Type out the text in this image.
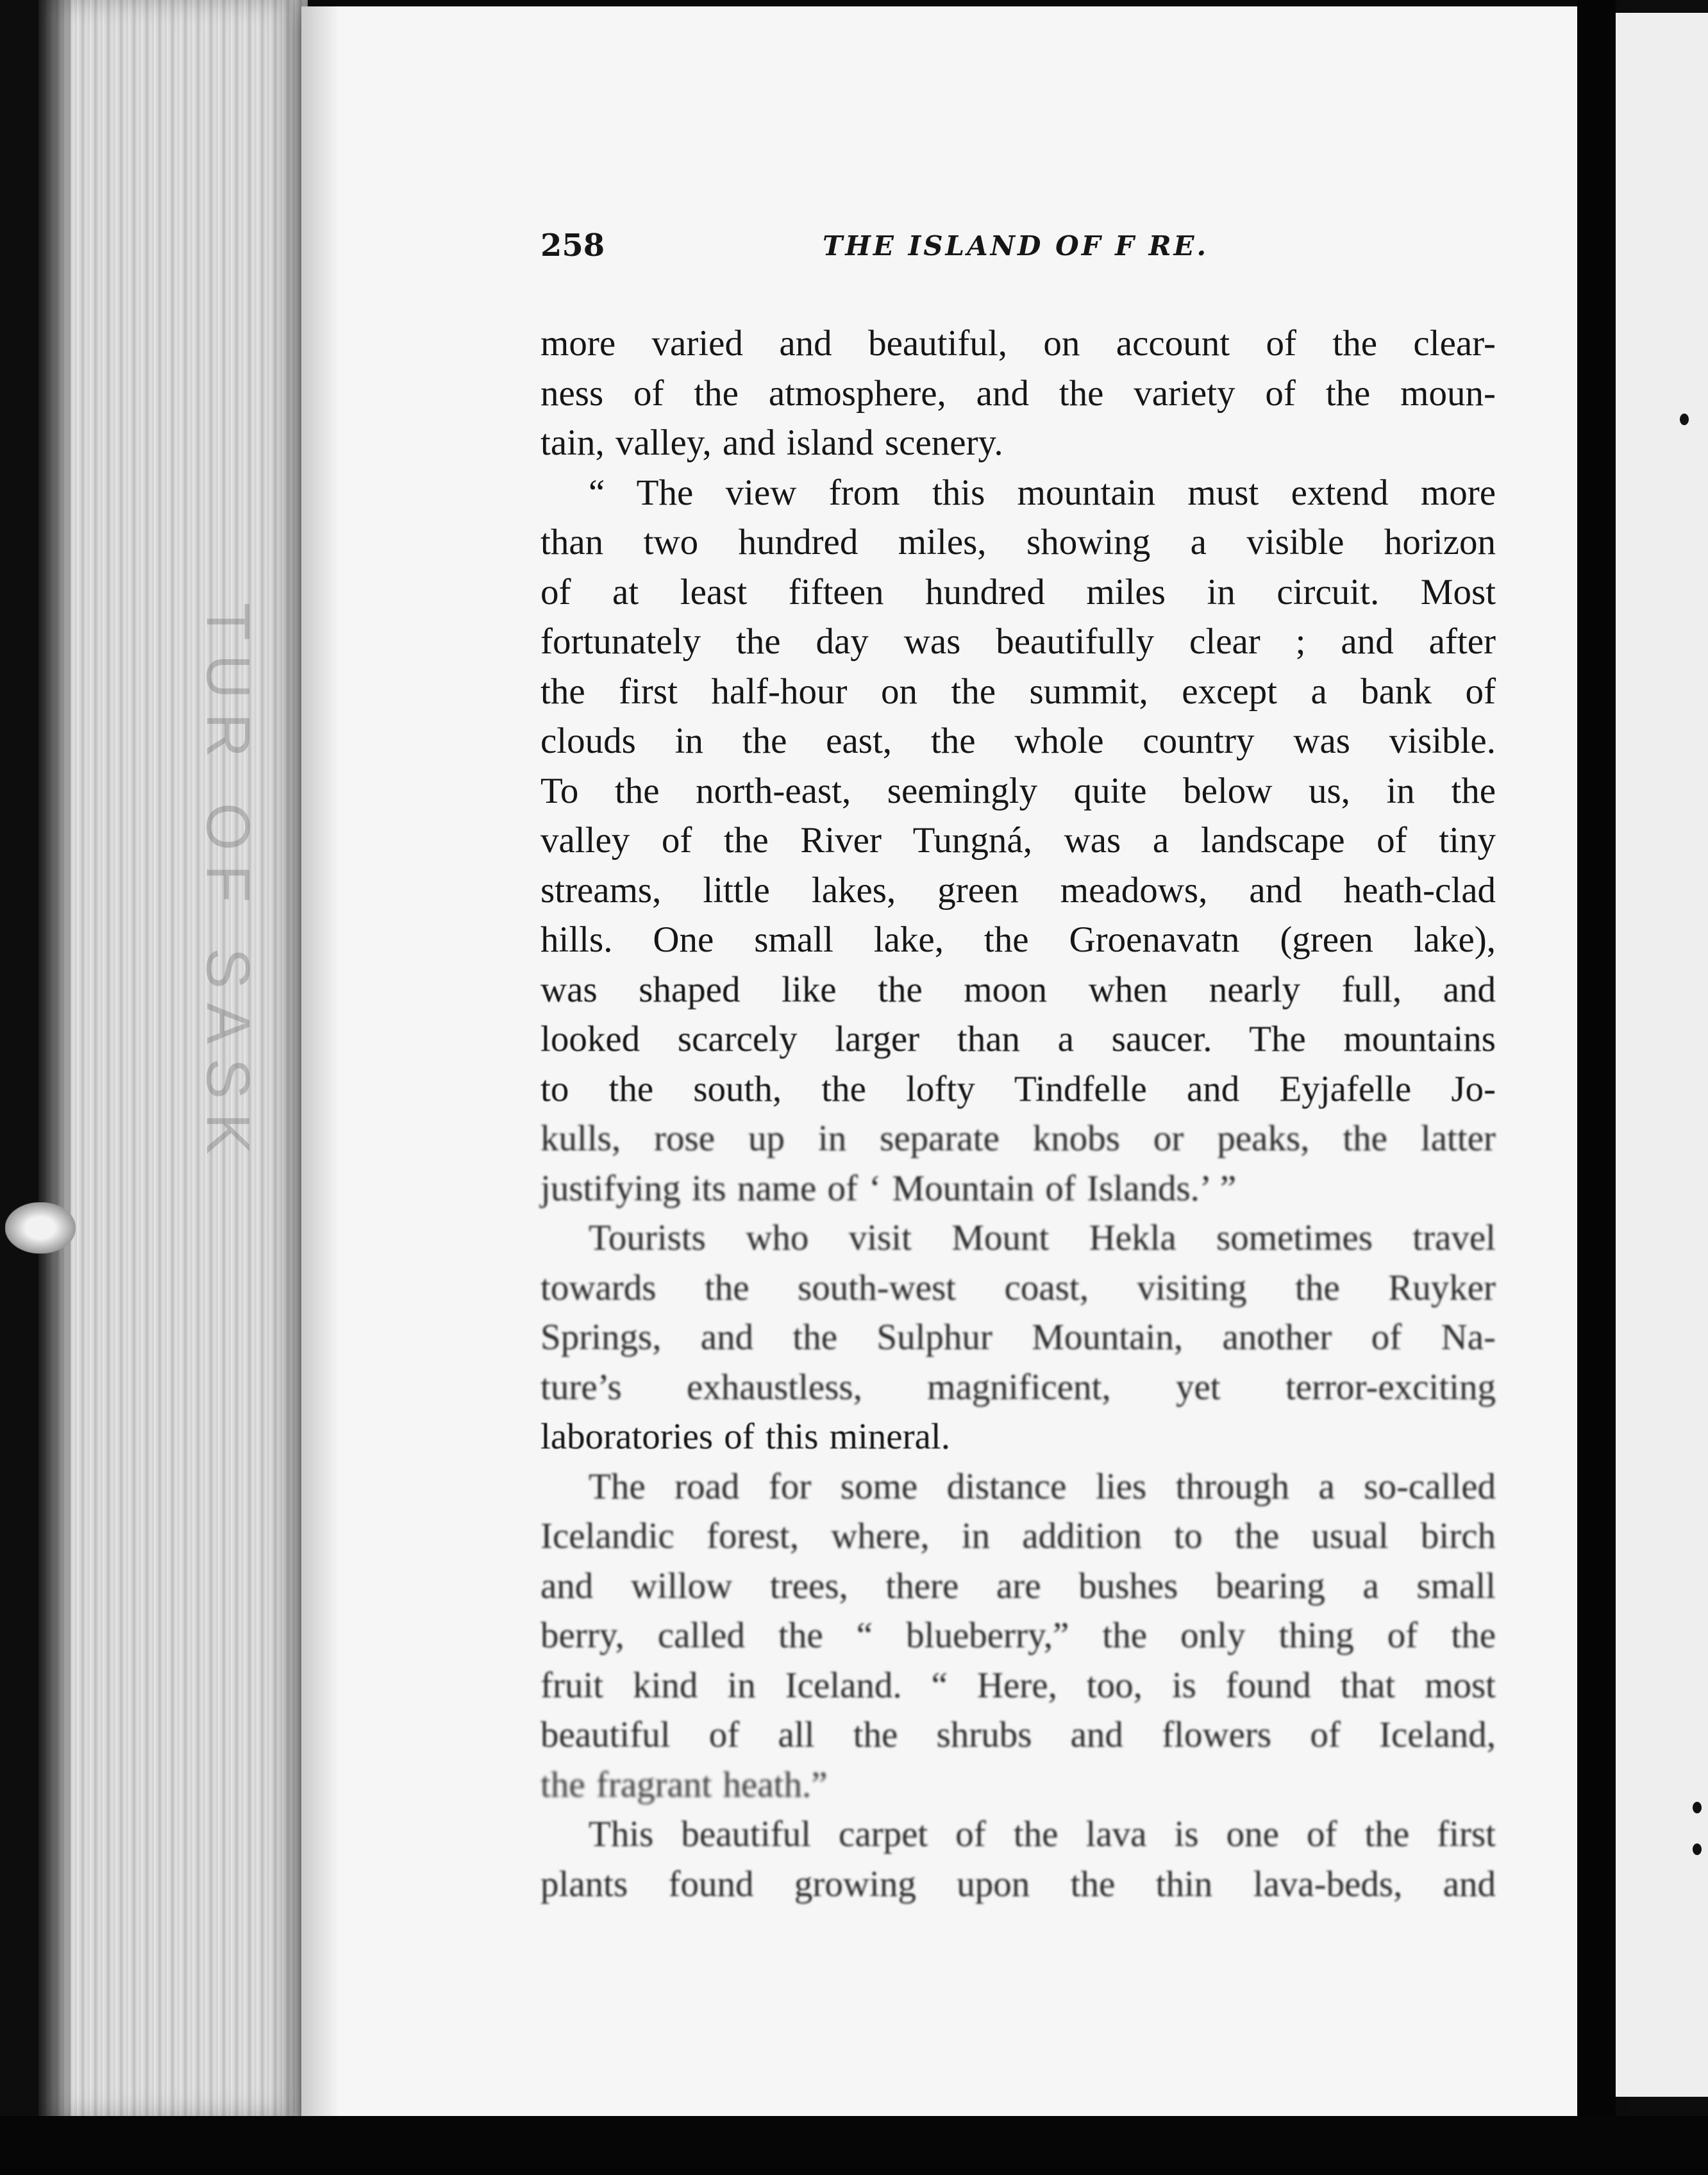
TUR OF SASK
258	THE ISLAND OF F RE.

more varied and beautiful, on account of the clear-
ness of the atmosphere, and the variety of the moun-
tain, valley, and island scenery.

“ The view from this mountain must extend more
than two hundred miles, showing a visible horizon
of at least fifteen hundred miles in circuit. Most
fortunately the day was beautifully clear ; and after
the first half-hour on the summit, except a bank of
clouds in the east, the whole country was visible.
To the north-east, seemingly quite below us, in the
valley of the River Tungná, was a landscape of tiny
streams, little lakes, green meadows, and heath-clad
hills. One small lake, the Groenavatn (green lake),
was shaped like the moon when nearly full, and
looked scarcely larger than a saucer. The mountains
to the south, the lofty Tindfelle and Eyjafelle Jo-
kulls, rose up in separate knobs or peaks, the latter
justifying its name of ‘ Mountain of Islands.’ ”

Tourists who visit Mount Hekla sometimes travel
towards the south-west coast, visiting the Ruyker
Springs, and the Sulphur Mountain, another of Na-
ture’s exhaustless, magnificent, yet terror-exciting
laboratories of this mineral.

The road for some distance lies through a so-called
Icelandic forest, where, in addition to the usual birch
and willow trees, there are bushes bearing a small
berry, called the “ blueberry,” the only thing of the
fruit kind in Iceland. “ Here, too, is found that most
beautiful of all the shrubs and flowers of Iceland,
the fragrant heath.”

This beautiful carpet of the lava is one of the first
plants found growing upon the thin lava-beds, and
